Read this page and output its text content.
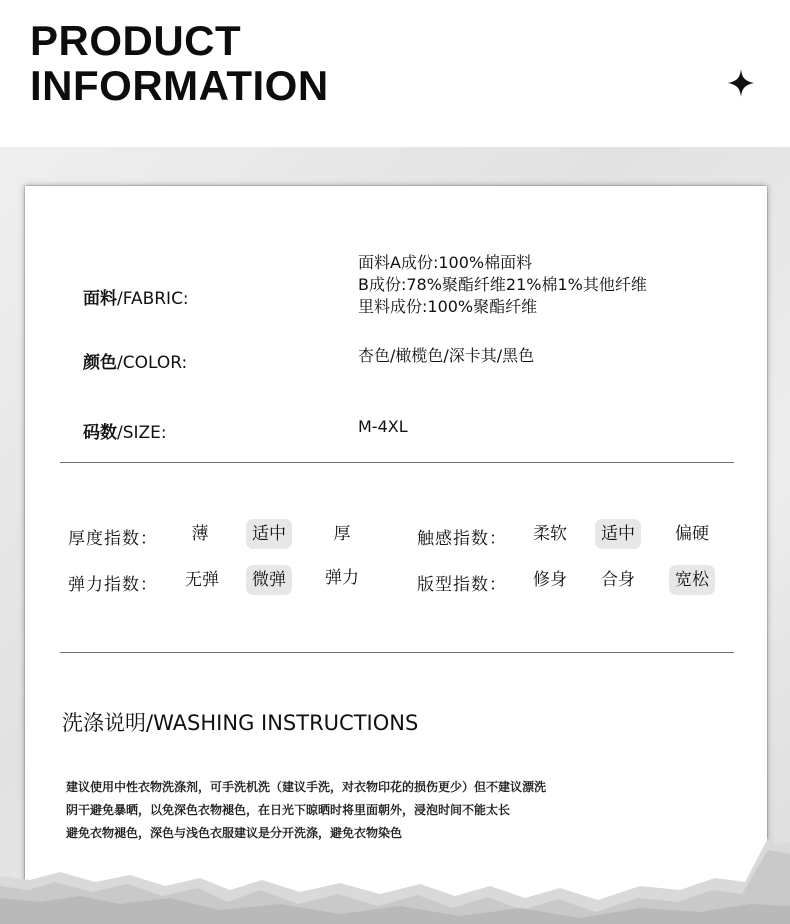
PRODUCT
INFORMATION
面料/FABRIC:
面料A成份:100%棉面料
B成份:78%聚酯纤维21%棉1%其他纤维
里料成份:100%聚酯纤维
颜色/COLOR:	杏色/橄榄色/深卡其/黑色
码数/SIZE:	M-4XL
厚度指数：	薄	适中	厚	触感指数：	柔软	适中	偏硬
弹力指数：	无弹	微弹	弹力	版型指数：	修身	合身	宽松
洗涤说明/WASHING INSTRUCTIONS
建议使用中性衣物洗涤剂，可手洗机洗（建议手洗，对衣物印花的损伤更少）但不建议漂洗
阴干避免暴晒，以免深色衣物褪色，在日光下晾晒时将里面朝外，浸泡时间不能太长
避免衣物褪色，深色与浅色衣服建议是分开洗涤，避免衣物染色
